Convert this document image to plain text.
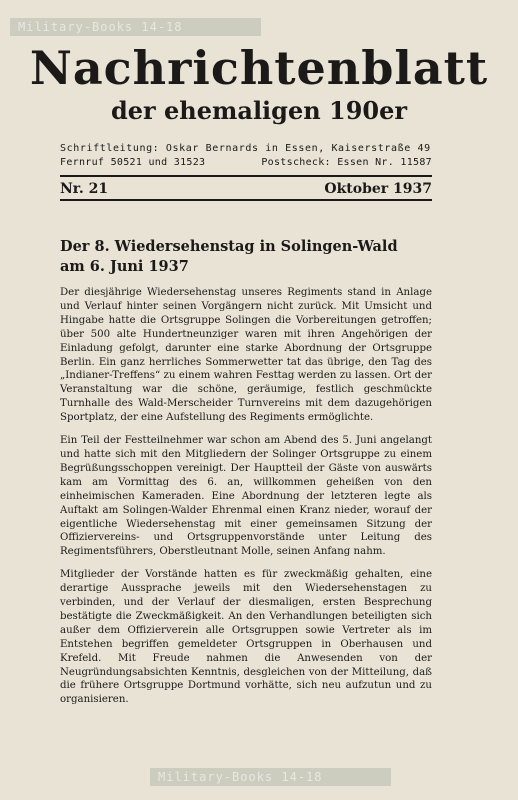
Military-Books 14-18
Nachrichtenblatt
der ehemaligen 190er
Schriftleitung: Oskar Bernards in Essen, Kaiserstraße 49
Fernruf 50521 und 31523	Postscheck: Essen Nr. 11587
Nr. 21	Oktober 1937
Der 8. Wiedersehenstag in Solingen-Wald
am 6. Juni 1937

Der diesjährige Wiedersehenstag unseres Regiments stand in Anlage und Verlauf hinter seinen Vorgängern nicht zurück. Mit Umsicht und Hingabe hatte die Ortsgruppe Solingen die Vorbereitungen getroffen; über 500 alte Hundertneunziger waren mit ihren Angehörigen der Einladung gefolgt, darunter eine starke Abordnung der Ortsgruppe Berlin. Ein ganz herrliches Sommerwetter tat das übrige, den Tag des „Indianer-Treffens“ zu einem wahren Festtag werden zu lassen. Ort der Veranstaltung war die schöne, geräumige, festlich geschmückte Turnhalle des Wald-Merscheider Turnvereins mit dem dazugehörigen Sportplatz, der eine Aufstellung des Regiments ermöglichte.

Ein Teil der Festteilnehmer war schon am Abend des 5. Juni angelangt und hatte sich mit den Mitgliedern der Solinger Ortsgruppe zu einem Begrüßungsschoppen vereinigt. Der Hauptteil der Gäste von auswärts kam am Vormittag des 6. an, willkommen geheißen von den einheimischen Kameraden. Eine Abordnung der letzteren legte als Auftakt am Solingen-Walder Ehrenmal einen Kranz nieder, worauf der eigentliche Wiedersehenstag mit einer gemeinsamen Sitzung der Offiziervereins- und Ortsgruppenvorstände unter Leitung des Regimentsführers, Oberstleutnant Molle, seinen Anfang nahm.

Mitglieder der Vorstände hatten es für zweckmäßig gehalten, eine derartige Aussprache jeweils mit den Wiedersehenstagen zu verbinden, und der Verlauf der diesmaligen, ersten Besprechung bestätigte die Zweckmäßigkeit. An den Verhandlungen beteiligten sich außer dem Offizierverein alle Ortsgruppen sowie Vertreter als im Entstehen begriffen gemeldeter Ortsgruppen in Oberhausen und Krefeld. Mit Freude nahmen die Anwesenden von der Neugründungsabsichten Kenntnis, desgleichen von der Mitteilung, daß die frühere Ortsgruppe Dortmund vorhätte, sich neu aufzutun und zu organisieren.

Military-Books 14-18
